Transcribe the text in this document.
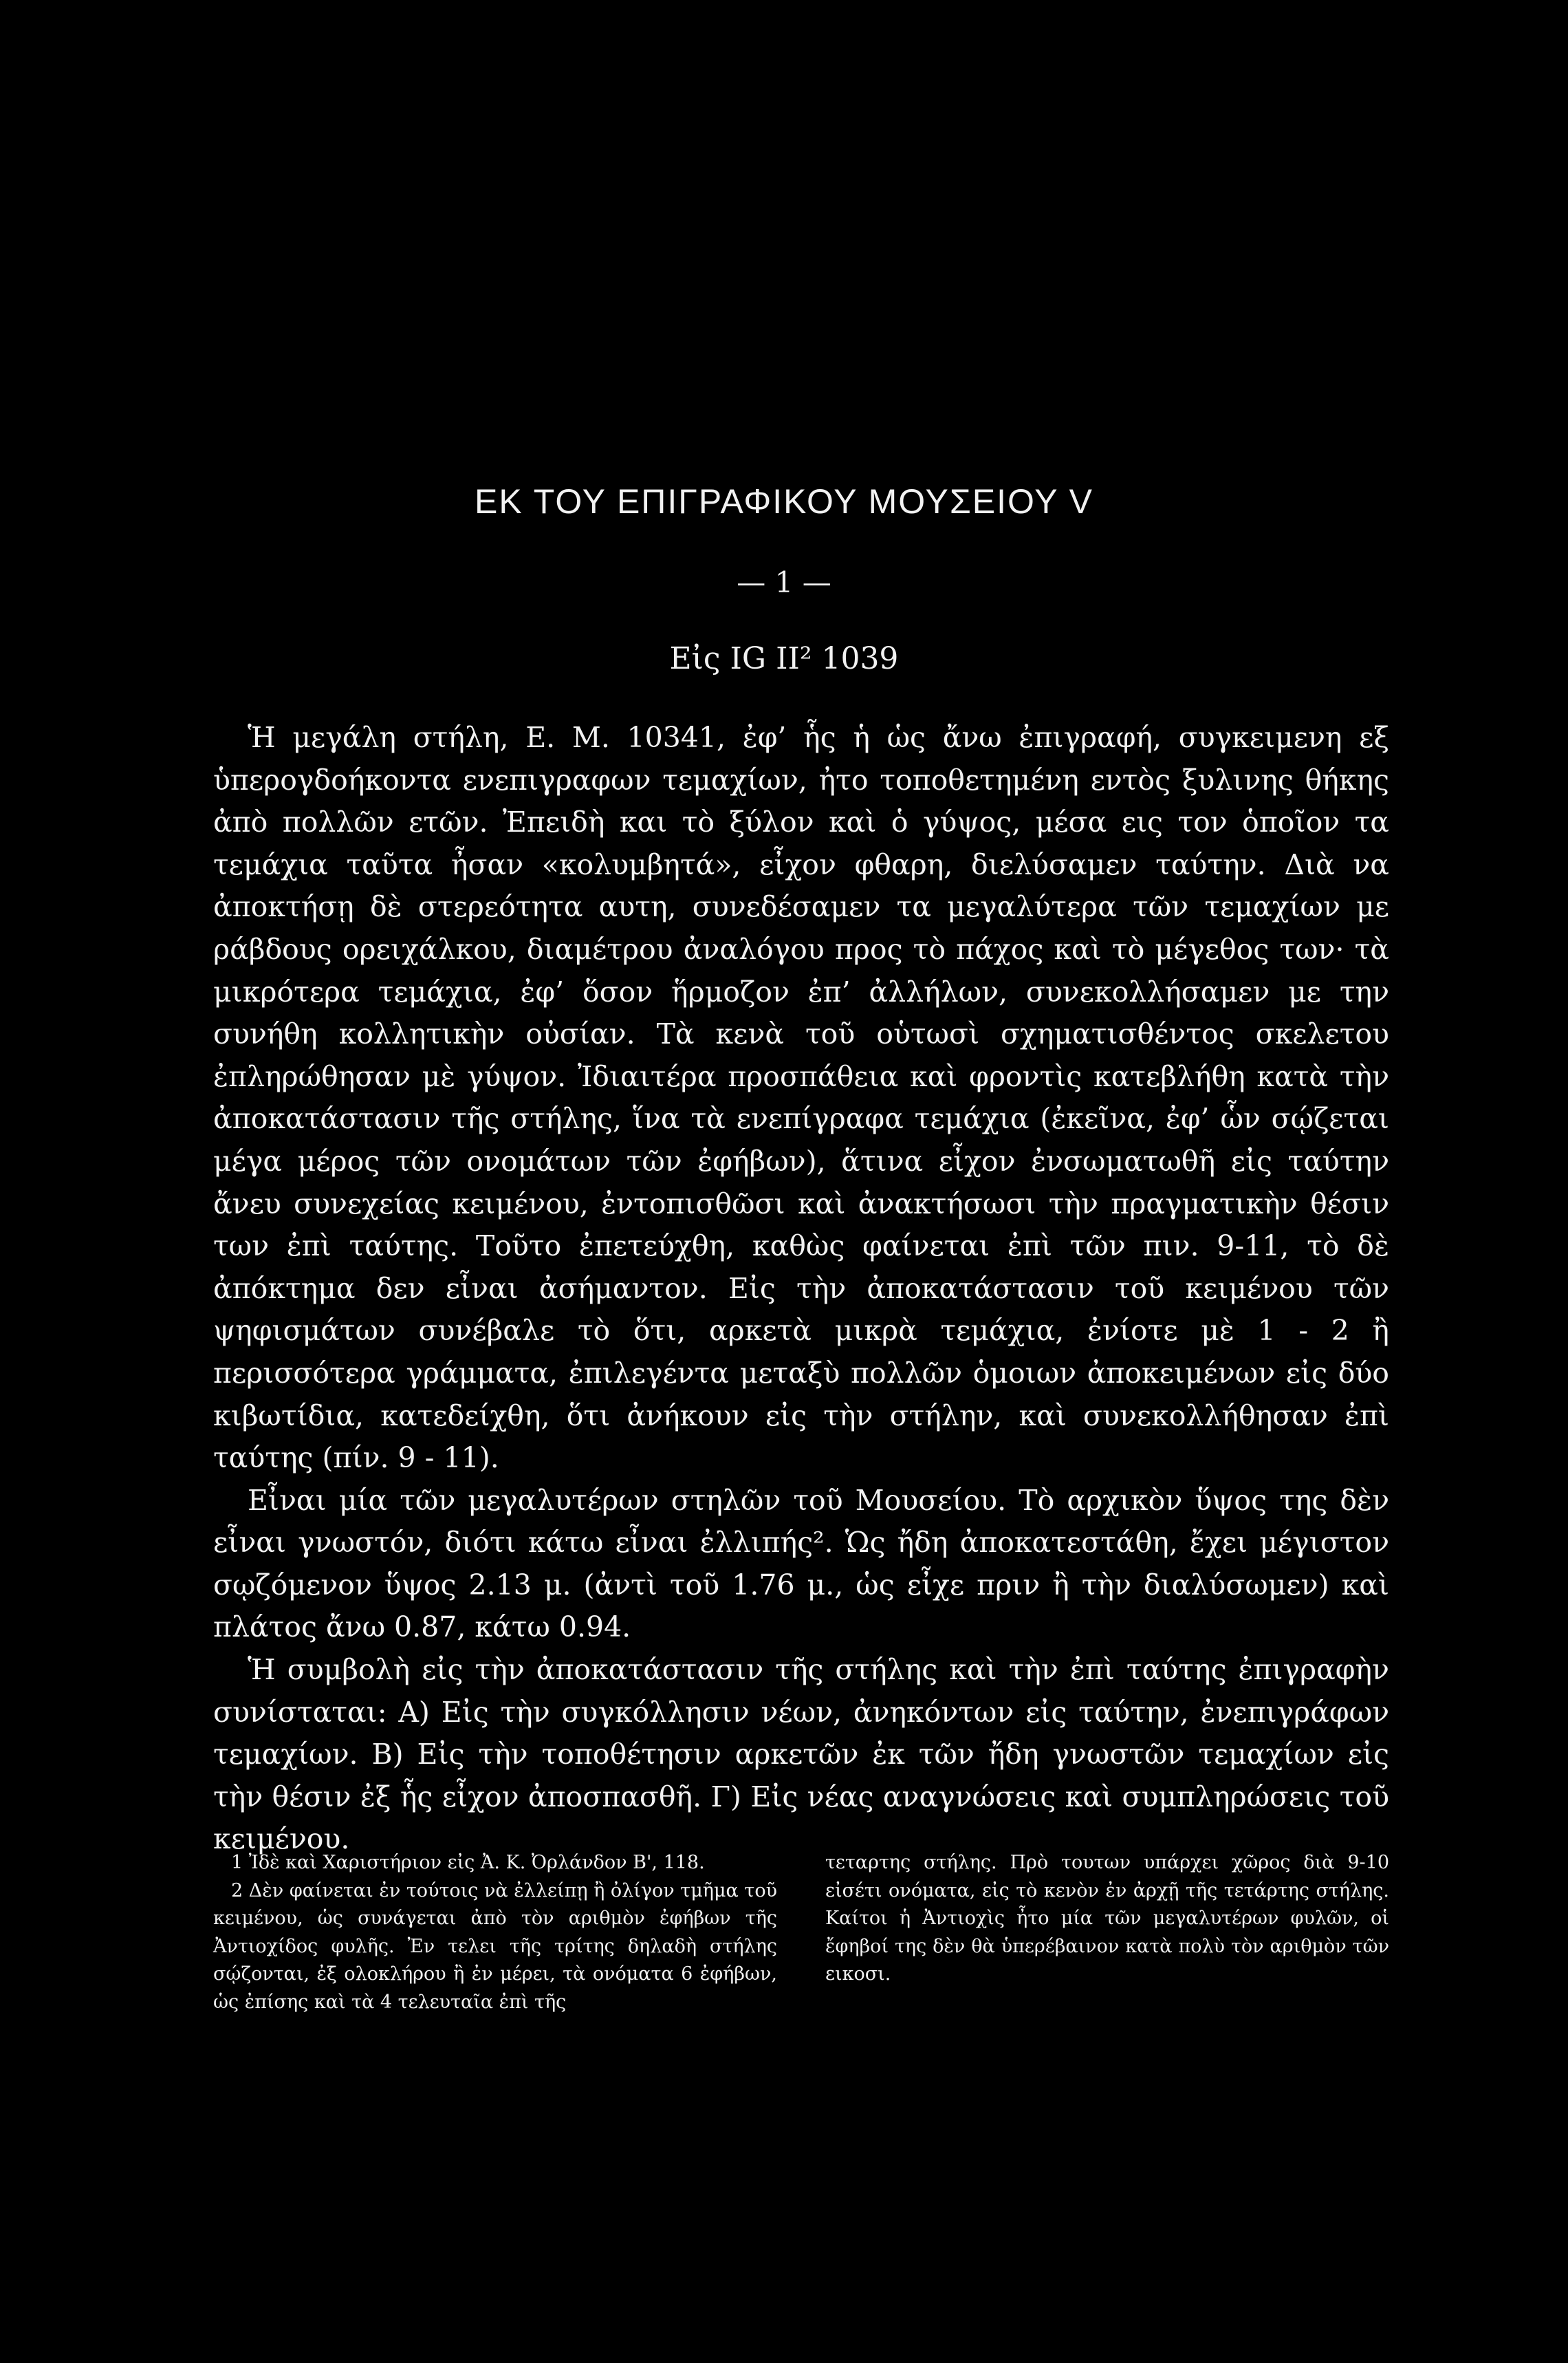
ΕΚ ΤΟΥ ΕΠΙΓΡΑΦΙΚΟΥ ΜΟΥΣΕΙΟΥ V
— 1 —
Εἰς IG II² 1039

Ἡ μεγάλη στήλη, Ε. Μ. 10341, ἐφ’ ἧς ἡ ὡς ἄνω ἐπιγραφή, συγκειμενη εξ ὑπερογδοήκοντα ενεπιγραφων τεμαχίων, ἠτο τοποθετημένη εντὸς ξυλινης θήκης ἀπὸ πολλῶν ετῶν. Ἐπειδὴ και τὸ ξύλον καὶ ὁ γύψος, μέσα εις τον ὁποῖον τα τεμάχια ταῦτα ἦσαν «κολυμβητά», εἶχον φθαρη, διελύσαμεν ταύτην. Διὰ να ἀποκτήσῃ δὲ στερεότητα αυτη, συνεδέσαμεν τα μεγαλύτερα τῶν τεμαχίων με ράβδους ορειχάλκου, διαμέτρου ἀναλόγου προς τὸ πάχος καὶ τὸ μέγεθος των· τὰ μικρότερα τεμάχια, ἐφ’ ὅσον ἥρμοζον ἐπ’ ἀλλήλων, συνεκολλήσαμεν με την συνήθη κολλητικὴν οὐσίαν. Τὰ κενὰ τοῦ οὑτωσὶ σχηματισθέντος σκελετου ἐπληρώθησαν μὲ γύψον. Ἰδιαιτέρα προσπάθεια καὶ φροντὶς κατεβλήθη κατὰ τὴν ἀποκατάστασιν τῆς στήλης, ἵνα τὰ ενεπίγραφα τεμάχια (ἐκεῖνα, ἐφ’ ὧν σῴζεται μέγα μέρος τῶν ονομάτων τῶν ἐφήβων), ἅτινα εἶχον ἐνσωματωθῆ εἰς ταύτην ἄνευ συνεχείας κειμένου, ἐντοπισθῶσι καὶ ἀνακτήσωσι τὴν πραγματικὴν θέσιν των ἐπὶ ταύτης. Τοῦτο ἐπετεύχθη, καθὼς φαίνεται ἐπὶ τῶν πιν. 9-11, τὸ δὲ ἀπόκτημα δεν εἶναι ἀσήμαντον. Εἰς τὴν ἀποκατάστασιν τοῦ κειμένου τῶν ψηφισμάτων συνέβαλε τὸ ὅτι, αρκετὰ μικρὰ τεμάχια, ἐνίοτε μὲ 1 - 2 ἢ περισσότερα γράμματα, ἐπιλεγέντα μεταξὺ πολλῶν ὁμοιων ἀποκειμένων εἰς δύο κιβωτίδια, κατεδείχθη, ὅτι ἀνήκουν εἰς τὴν στήλην, καὶ συνεκολλήθησαν ἐπὶ ταύτης (πίν. 9 - 11).

Εἶναι μία τῶν μεγαλυτέρων στηλῶν τοῦ Μουσείου. Τὸ αρχικὸν ὕψος της δὲν εἶναι γνωστόν, διότι κάτω εἶναι ἐλλιπής². Ὡς ἤδη ἀποκατεστάθη, ἔχει μέγιστον σῳζόμενον ὕψος 2.13 μ. (ἀντὶ τοῦ 1.76 μ., ὡς εἶχε πριν ἢ τὴν διαλύσωμεν) καὶ πλάτος ἄνω 0.87, κάτω 0.94.

Ἡ συμβολὴ εἰς τὴν ἀποκατάστασιν τῆς στήλης καὶ τὴν ἐπὶ ταύτης ἐπιγραφὴν συνίσταται: Α) Εἰς τὴν συγκόλλησιν νέων, ἀνηκόντων εἰς ταύτην, ἐνεπιγράφων τεμαχίων. Β) Εἰς τὴν τοποθέτησιν αρκετῶν ἐκ τῶν ἤδη γνωστῶν τεμαχίων εἰς τὴν θέσιν ἐξ ἧς εἶχον ἀποσπασθῆ. Γ) Εἰς νέας αναγνώσεις καὶ συμπληρώσεις τοῦ κειμένου.

1 Ἰδὲ καὶ Χαριστήριον εἰς Ἀ. Κ. Ὀρλάνδον Β', 118.

2 Δὲν φαίνεται ἐν τούτοις νὰ ἐλλείπῃ ἢ ὀλίγον τμῆμα τοῦ κειμένου, ὡς συνάγεται ἀπὸ τὸν αριθμὸν ἐφήβων τῆς Ἀντιοχίδος φυλῆς. Ἐν τελει τῆς τρίτης δηλαδὴ στήλης σῴζονται, ἐξ ολοκλήρου ἢ ἐν μέρει, τὰ ονόματα 6 ἐφήβων, ὡς ἐπίσης καὶ τὰ 4 τελευταῖα ἐπὶ τῆς

τεταρτης στήλης. Πρὸ τουτων υπάρχει χῶρος διὰ 9-10 εἰσέτι ονόματα, εἰς τὸ κενὸν ἐν ἀρχῇ τῆς τετάρτης στήλης. Καίτοι ἡ Ἀντιοχὶς ἦτο μία τῶν μεγαλυτέρων φυλῶν, οἱ ἔφηβοί της δὲν θὰ ὑπερέβαινον κατὰ πολὺ τὸν αριθμὸν τῶν εικοσι.
